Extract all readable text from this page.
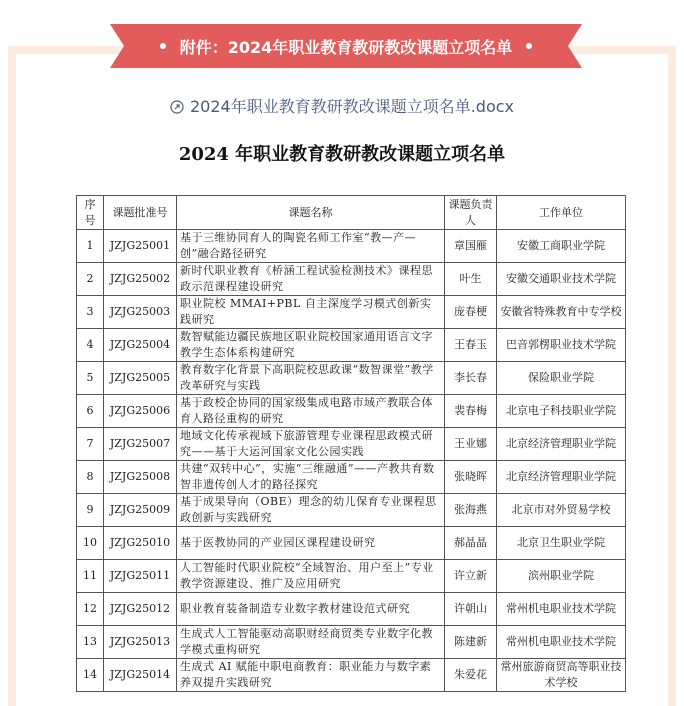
附件：2024年职业教育教研教改课题立项名单
2024年职业教育教研教改课题立项名单.docx
2024 年职业教育教研教改课题立项名单
序号	课题批准号	课题名称	课题负责人	工作单位
1	JZJG25001	基于三维协同育人的陶瓷名师工作室“教—产—创”融合路径研究	章国雁	安徽工商职业学院
2	JZJG25002	新时代职业教育《桥涵工程试验检测技术》课程思政示范课程建设研究	叶生	安徽交通职业技术学院
3	JZJG25003	职业院校 MMAI+PBL 自主深度学习模式创新实践研究	庞春梗	安徽省特殊教育中专学校
4	JZJG25004	数智赋能边疆民族地区职业院校国家通用语言文字教学生态体系构建研究	王春玉	巴音郭楞职业技术学院
5	JZJG25005	教育数字化背景下高职院校思政课“数智课堂”教学改革研究与实践	李长春	保险职业学院
6	JZJG25006	基于政校企协同的国家级集成电路市域产教联合体育人路径重构的研究	裴春梅	北京电子科技职业学院
7	JZJG25007	地域文化传承视域下旅游管理专业课程思政模式研究——基于大运河国家文化公园实践	王业娜	北京经济管理职业学院
8	JZJG25008	共建“双转中心”，实施“三维融通”——产教共育数智非遗传创人才的路径探究	张晓晖	北京经济管理职业学院
9	JZJG25009	基于成果导向（OBE）理念的幼儿保育专业课程思政创新与实践研究	张海燕	北京市对外贸易学校
10	JZJG25010	基于医教协同的产业园区课程建设研究	郝晶晶	北京卫生职业学院
11	JZJG25011	人工智能时代职业院校“全域智治、用户至上”专业教学资源建设、推广及应用研究	许立新	滨州职业学院
12	JZJG25012	职业教育装备制造专业数字教材建设范式研究	许朝山	常州机电职业技术学院
13	JZJG25013	生成式人工智能驱动高职财经商贸类专业数字化教学模式重构研究	陈建新	常州机电职业技术学院
14	JZJG25014	生成式 AI 赋能中职电商教育：职业能力与数字素养双提升实践研究	朱爱花	常州旅游商贸高等职业技术学校
